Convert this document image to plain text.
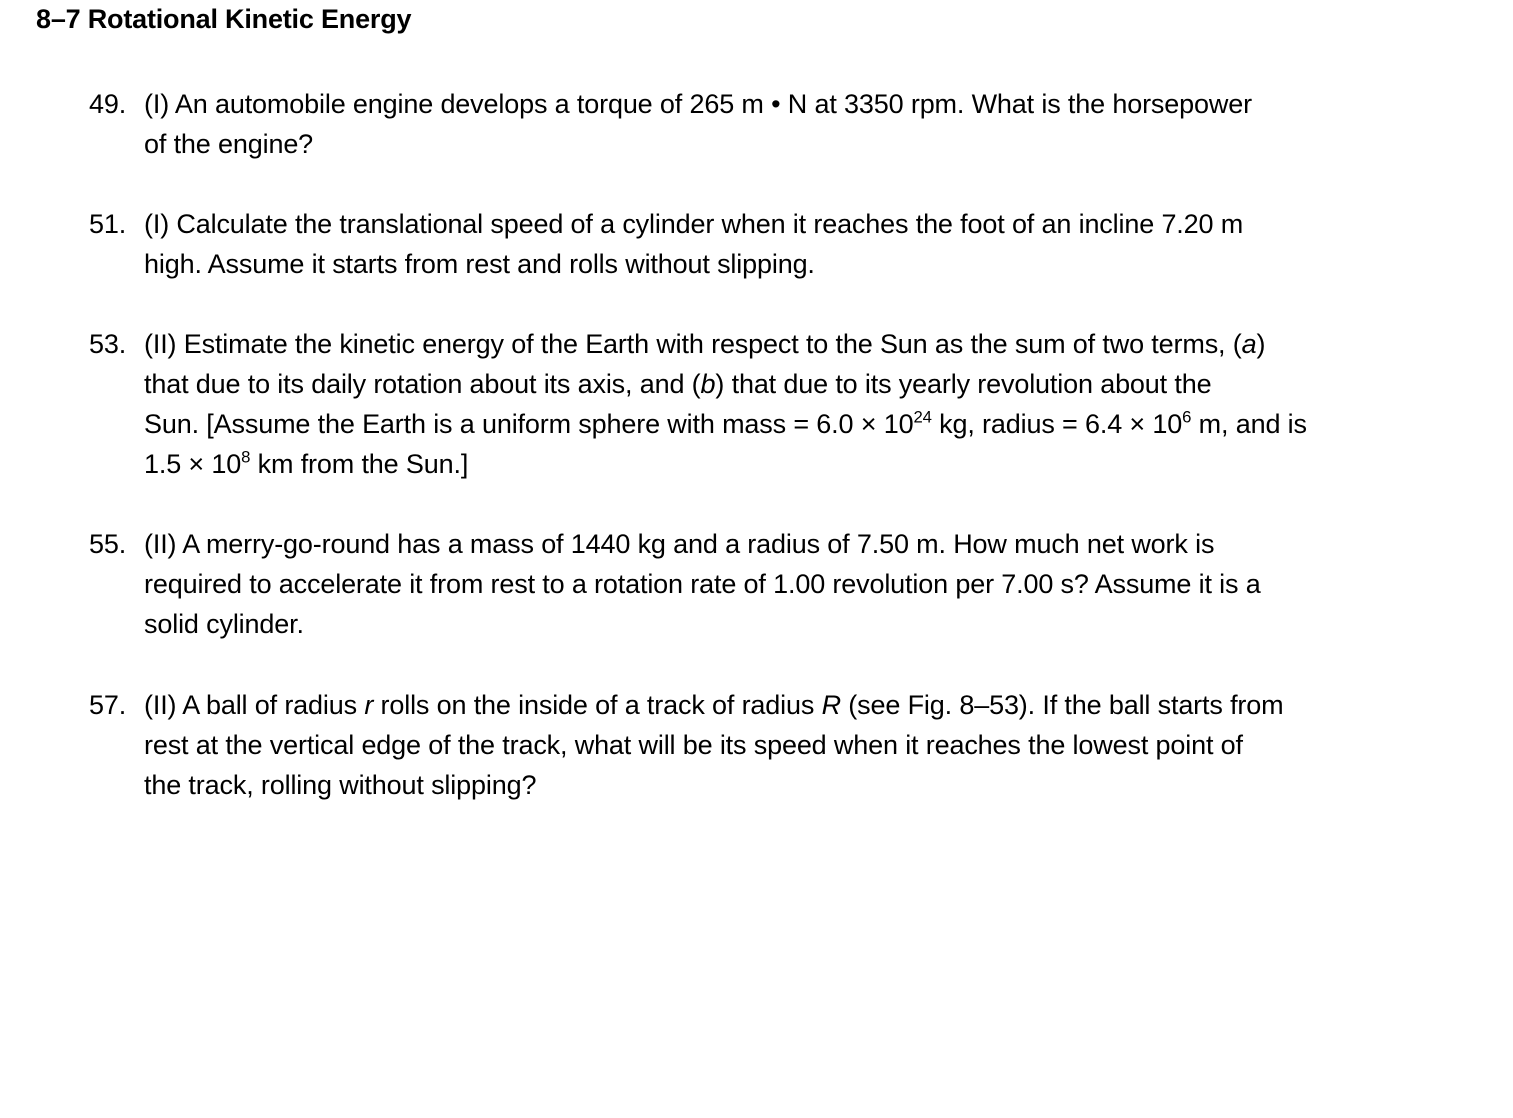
8–7 Rotational Kinetic Energy
49. (I) An automobile engine develops a torque of 265 m • N at 3350 rpm. What is the horsepower
of the engine?
51. (I) Calculate the translational speed of a cylinder when it reaches the foot of an incline 7.20 m
high. Assume it starts from rest and rolls without slipping.
53. (II) Estimate the kinetic energy of the Earth with respect to the Sun as the sum of two terms, (a)
that due to its daily rotation about its axis, and (b) that due to its yearly revolution about the
Sun. [Assume the Earth is a uniform sphere with mass = $6.0 \times 10^{24}$ kg, radius = $6.4 \times 10^6$ m, and is
$1.5 \times 10^8$ km from the Sun.]
55. (II) A merry-go-round has a mass of 1440 kg and a radius of 7.50 m. How much net work is
required to accelerate it from rest to a rotation rate of 1.00 revolution per 7.00 s? Assume it is a
solid cylinder.
57. (II) A ball of radius r rolls on the inside of a track of radius R (see Fig. 8–53). If the ball starts from
rest at the vertical edge of the track, what will be its speed when it reaches the lowest point of
the track, rolling without slipping?
